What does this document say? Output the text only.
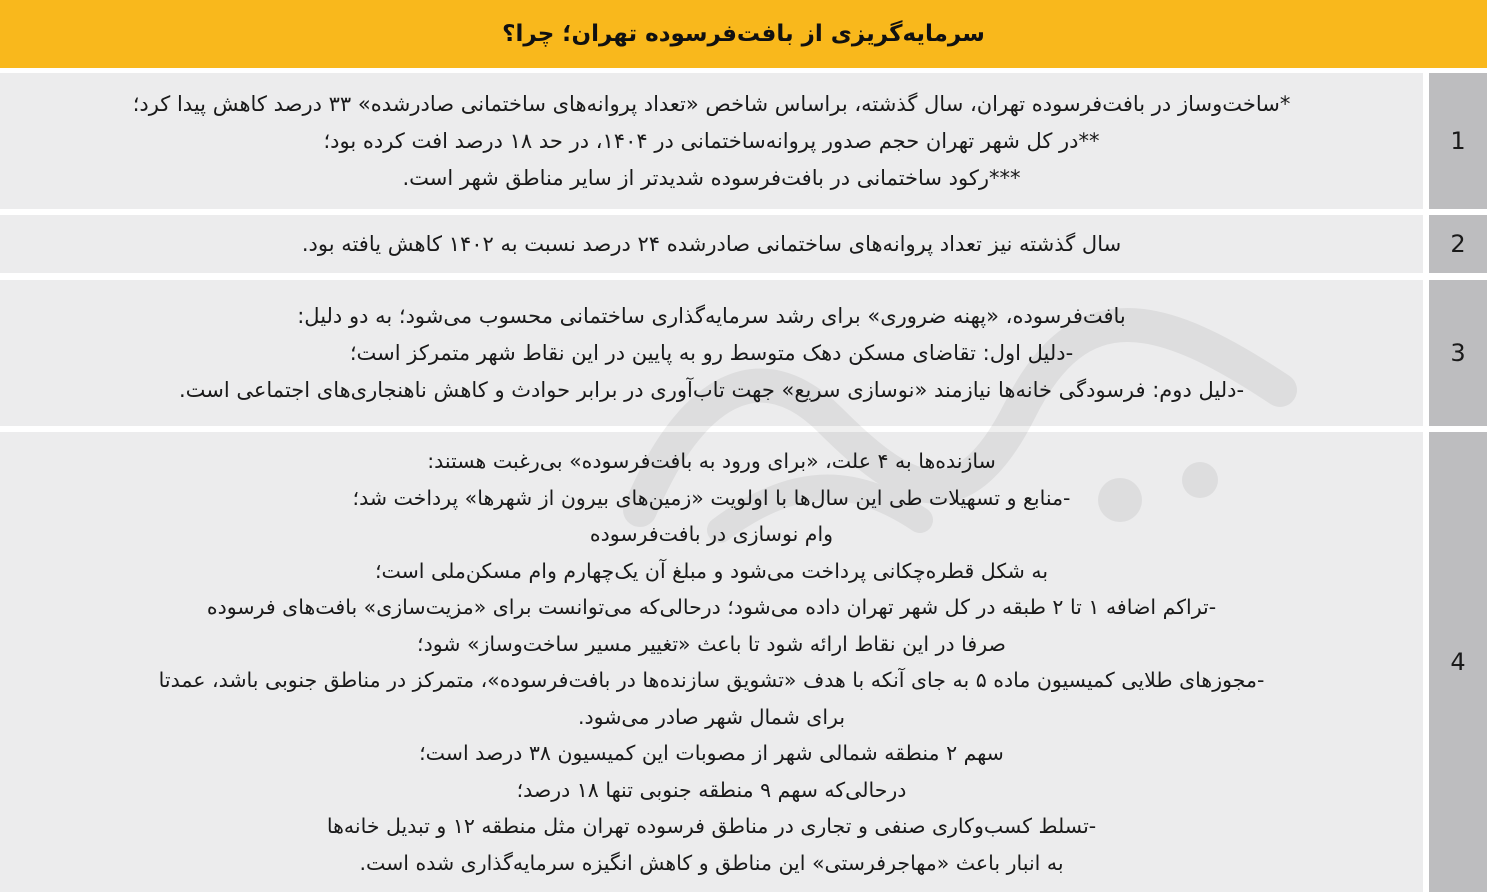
سرمایه‌گریزی از بافت‌فرسوده تهران؛ چرا؟
1
*ساخت‌وساز در بافت‌فرسوده تهران، سال گذشته، براساس شاخص «تعداد پروانه‌های ساختمانی صادرشده» ۳۳ درصد کاهش پیدا کرد؛
**در کل شهر تهران حجم صدور پروانه‌ساختمانی در ۱۴۰۴، در حد ۱۸ درصد افت کرده بود؛
***رکود ساختمانی در بافت‌فرسوده شدیدتر از سایر مناطق شهر است.
2
سال گذشته نیز تعداد پروانه‌های ساختمانی صادرشده ۲۴ درصد نسبت به ۱۴۰۲ کاهش یافته بود.
3
بافت‌فرسوده، «پهنه ضروری» برای رشد سرمایه‌گذاری ساختمانی محسوب می‌شود؛ به دو دلیل:
-دلیل اول: تقاضای مسکن دهک متوسط رو به پایین در این نقاط شهر متمرکز است؛
-دلیل دوم: فرسودگی خانه‌ها نیازمند «نوسازی سریع» جهت تاب‌آوری در برابر حوادث و کاهش ناهنجاری‌های اجتماعی است.
4
سازنده‌ها به ۴ علت، «برای ورود به بافت‌فرسوده» بی‌رغبت هستند:
-منابع و تسهیلات طی این سال‌ها با اولویت «زمین‌های بیرون از شهرها» پرداخت شد؛
وام نوسازی در بافت‌فرسوده
به شکل قطره‌چکانی پرداخت می‌شود و مبلغ آن یک‌چهارم وام مسکن‌ملی است؛
-تراکم اضافه ۱ تا ۲ طبقه در کل شهر تهران داده می‌شود؛ درحالی‌که می‌توانست برای «مزیت‌سازی» بافت‌های فرسوده
صرفا در این نقاط ارائه شود تا باعث «تغییر مسیر ساخت‌وساز» شود؛
-مجوزهای طلایی کمیسیون ماده ۵ به جای آنکه با هدف «تشویق سازنده‌ها در بافت‌فرسوده»، متمرکز در مناطق جنوبی باشد، عمدتا
برای شمال شهر صادر می‌شود.
سهم ۲ منطقه شمالی شهر از مصوبات این کمیسیون ۳۸ درصد است؛
درحالی‌که سهم ۹ منطقه جنوبی تنها ۱۸ درصد؛
-تسلط کسب‌وکاری صنفی و تجاری در مناطق فرسوده تهران مثل منطقه ۱۲ و تبدیل خانه‌ها
به انبار باعث «مهاجرفرستی» این مناطق و کاهش انگیزه سرمایه‌گذاری شده است.
